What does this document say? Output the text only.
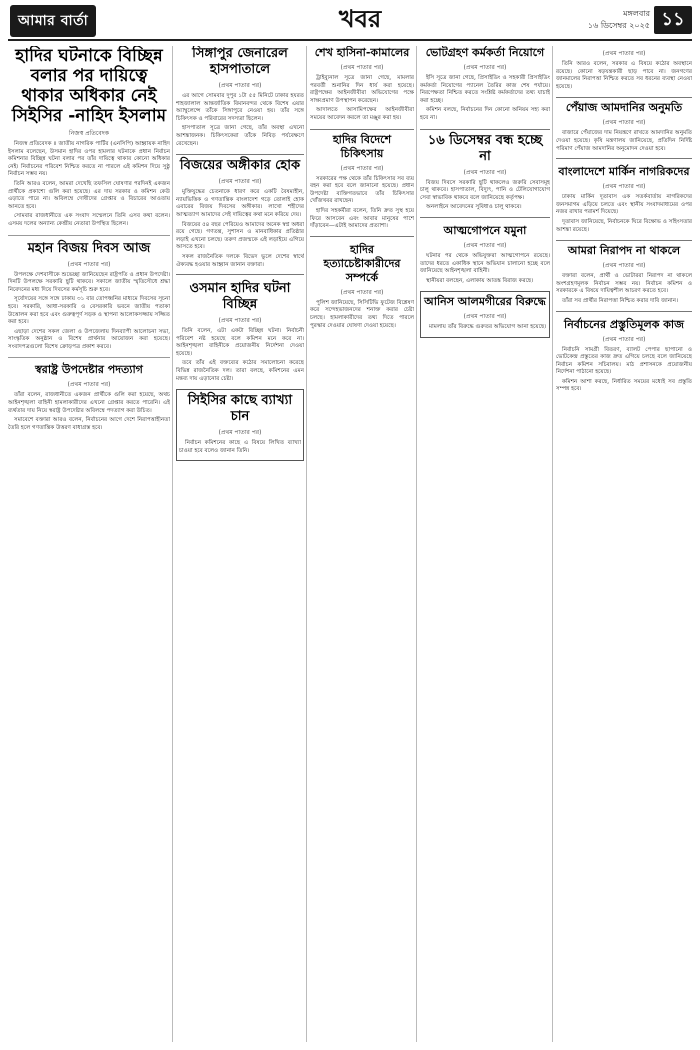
আমার বার্তা	খবর	মঙ্গলবার
১৬ ডিসেম্বর ২০২৫ ১১
হাদির ঘটনাকে বিচ্ছিন্ন বলার পর দায়িত্বে থাকার অধিকার নেই সিইসির -নাহিদ ইসলাম
নিজস্ব প্রতিবেদক

নিজস্ব প্রতিবেদক ॥ জাতীয় নাগরিক পার্টির (এনসিপি) আহ্বায়ক নাহিদ ইসলাম বলেছেন, উসমান হাদির ওপর হামলার ঘটনাকে প্রধান নির্বাচন কমিশনার বিচ্ছিন্ন ঘটনা বলার পর তাঁর দায়িত্বে থাকার কোনো অধিকার নেই। নির্বাচনের পরিবেশ নিশ্চিত করতে না পারলে এই কমিশন দিয়ে সুষ্ঠু নির্বাচন সম্ভব নয়।

তিনি আরও বলেন, আমরা দেখেছি তফসিল ঘোষণার পরদিনই একজন প্রার্থীকে প্রকাশ্যে গুলি করা হয়েছে। এর দায় সরকার ও কমিশন কেউ এড়াতে পারে না। অবিলম্বে দোষীদের গ্রেপ্তার ও বিচারের আওতায় আনতে হবে।

সোমবার রাজধানীতে এক সংবাদ সম্মেলনে তিনি এসব কথা বলেন। এসময় দলের অন্যান্য কেন্দ্রীয় নেতারা উপস্থিত ছিলেন।

মহান বিজয় দিবস আজ
(প্রথম পাতার পর)

উপলক্ষে দেশবাসীকে শুভেচ্ছা জানিয়েছেন রাষ্ট্রপতি ও প্রধান উপদেষ্টা। দিনটি উপলক্ষে সরকারি ছুটি থাকবে। সকালে জাতীয় স্মৃতিসৌধে শ্রদ্ধা নিবেদনের মধ্য দিয়ে দিবসের কর্মসূচি শুরু হবে।

সূর্যোদয়ের সঙ্গে সঙ্গে ঢাকায় ৩১ বার তোপধ্বনির মাধ্যমে দিবসের সূচনা হবে। সরকারি, আধা-সরকারি ও বেসরকারি ভবনে জাতীয় পতাকা উত্তোলন করা হবে এবং গুরুত্বপূর্ণ সড়ক ও স্থাপনা আলোকসজ্জায় সজ্জিত করা হবে।

এছাড়া দেশের সকল জেলা ও উপজেলায় দিনব্যাপী আলোচনা সভা, সাংস্কৃতিক অনুষ্ঠান ও বিশেষ প্রার্থনার আয়োজন করা হয়েছে। সংবাদপত্রগুলো বিশেষ ক্রোড়পত্র প্রকাশ করবে।

স্বরাষ্ট্র উপদেষ্টার পদত্যাগ
(প্রথম পাতার পর)

তাঁরা বলেন, রাজধানীতে একজন প্রার্থীকে গুলি করা হয়েছে, অথচ আইনশৃঙ্খলা বাহিনী হামলাকারীদের এখনো গ্রেপ্তার করতে পারেনি। এই ব্যর্থতার দায় নিয়ে স্বরাষ্ট্র উপদেষ্টার অবিলম্বে পদত্যাগ করা উচিত।

সমাবেশে বক্তারা আরও বলেন, নির্বাচনের আগে দেশে নিরাপত্তাহীনতা তৈরি হলে গণতান্ত্রিক উত্তরণ বাধাগ্রস্ত হবে।

সিঙ্গাপুর জেনারেল হাসপাতালে
(প্রথম পাতার পর)

এর আগে সোমবার দুপুর ১টা ৫৫ মিনিটে ঢাকার হযরত শাহজালাল আন্তর্জাতিক বিমানবন্দর থেকে বিশেষ এয়ার অ্যাম্বুলেন্সে তাঁকে সিঙ্গাপুরে নেওয়া হয়। তাঁর সঙ্গে চিকিৎসক ও পরিবারের সদস্যরা ছিলেন।

হাসপাতাল সূত্রে জানা গেছে, তাঁর অবস্থা এখনো আশঙ্কাজনক। চিকিৎসকেরা তাঁকে নিবিড় পর্যবেক্ষণে রেখেছেন।

বিজয়ের অঙ্গীকার হোক
(প্রথম পাতার পর)

মুক্তিযুদ্ধের চেতনাকে ধারণ করে একটি বৈষম্যহীন, ন্যায়ভিত্তিক ও গণতান্ত্রিক বাংলাদেশ গড়ে তোলাই হোক এবারের বিজয় দিবসের অঙ্গীকার। লাখো শহীদের আত্মত্যাগ আমাদের সেই দায়িত্বের কথা মনে করিয়ে দেয়।

বিজয়ের ৫৪ বছর পেরিয়েও আমাদের অনেক স্বপ্ন অধরা রয়ে গেছে। গণতন্ত্র, সুশাসন ও মানবাধিকার প্রতিষ্ঠার লড়াই এখনো চলছে। তরুণ প্রজন্মকে এই লড়াইয়ে এগিয়ে আসতে হবে।

সকল রাজনৈতিক দলকে বিভেদ ভুলে দেশের স্বার্থে ঐক্যবদ্ধ হওয়ার আহ্বান জানান বক্তারা।

ওসমান হাদির ঘটনা বিচ্ছিন্ন
(প্রথম পাতার পর)

তিনি বলেন, এটা একটা বিচ্ছিন্ন ঘটনা। নির্বাচনী পরিবেশ নষ্ট হয়েছে বলে কমিশন মনে করে না। আইনশৃঙ্খলা বাহিনীকে প্রয়োজনীয় নির্দেশনা দেওয়া হয়েছে।

তবে তাঁর এই বক্তব্যের কঠোর সমালোচনা করেছে বিভিন্ন রাজনৈতিক দল। তারা বলছে, কমিশনের এমন মন্তব্য দায় এড়ানোর চেষ্টা।

সিইসির কাছে ব্যাখ্যা চান
(প্রথম পাতার পর)

নির্বাচন কমিশনের কাছে এ বিষয়ে লিখিত ব্যাখ্যা চাওয়া হবে বলেও জানান তিনি।

শেখ হাসিনা-কামালের
(প্রথম পাতার পর)

ট্রাইব্যুনাল সূত্রে জানা গেছে, মামলার পরবর্তী শুনানির দিন ধার্য করা হয়েছে। রাষ্ট্রপক্ষের আইনজীবীরা অভিযোগের পক্ষে সাক্ষ্যপ্রমাণ উপস্থাপন করেছেন।

আদালতে আসামিপক্ষের আইনজীবীরা সময়ের আবেদন করলে তা মঞ্জুর করা হয়।

হাদির বিদেশে চিকিৎসায়
(প্রথম পাতার পর)

সরকারের পক্ষ থেকে তাঁর চিকিৎসার সব ব্যয় বহন করা হবে বলে জানানো হয়েছে। প্রধান উপদেষ্টা ব্যক্তিগতভাবে তাঁর চিকিৎসার খোঁজখবর রাখছেন।

হাদির সহকর্মীরা বলেন, তিনি দ্রুত সুস্থ হয়ে ফিরে আসবেন এবং আবার মানুষের পাশে দাঁড়াবেন—এটাই আমাদের প্রত্যাশা।

হাদির হত্যাচেষ্টাকারীদের সম্পর্কে
(প্রথম পাতার পর)

পুলিশ জানিয়েছে, সিসিটিভি ফুটেজ বিশ্লেষণ করে সন্দেহভাজনদের শনাক্ত করার চেষ্টা চলছে। হামলাকারীদের তথ্য দিতে পারলে পুরস্কার দেওয়ার ঘোষণা দেওয়া হয়েছে।

ভোটগ্রহণ কর্মকর্তা নিয়োগে
(প্রথম পাতার পর)

ইসি সূত্রে জানা গেছে, প্রিসাইডিং ও সহকারী প্রিসাইডিং কর্মকর্তা নিয়োগের প্যানেল তৈরির কাজ শেষ পর্যায়ে। নিরপেক্ষতা নিশ্চিত করতে সংশ্লিষ্ট কর্মকর্তাদের তথ্য যাচাই করা হচ্ছে।

কমিশন বলছে, নির্বাচনের দিন কোনো অনিয়ম সহ্য করা হবে না।

১৬ ডিসেম্বর বন্ধ হচ্ছে না
(প্রথম পাতার পর)

বিজয় দিবসে সরকারি ছুটি থাকলেও জরুরি সেবাসমূহ চালু থাকবে। হাসপাতাল, বিদ্যুৎ, পানি ও টেলিযোগাযোগ সেবা স্বাভাবিক থাকবে বলে জানিয়েছে কর্তৃপক্ষ।

অনলাইনে আবেদনের সুবিধাও চালু থাকবে।

আত্মগোপনে যমুনা
(প্রথম পাতার পর)

ঘটনার পর থেকে অভিযুক্তরা আত্মগোপনে রয়েছে। তাদের ধরতে একাধিক স্থানে অভিযান চালানো হচ্ছে বলে জানিয়েছে আইনশৃঙ্খলা বাহিনী।

স্থানীয়রা বলছেন, এলাকায় আতঙ্ক বিরাজ করছে।

আনিস আলমগীরের বিরুদ্ধে
(প্রথম পাতার পর)

মামলায় তাঁর বিরুদ্ধে গুরুতর অভিযোগ আনা হয়েছে।

(প্রথম পাতার পর)

তিনি আরও বলেন, সরকার এ বিষয়ে কঠোর অবস্থানে রয়েছে। কোনো ষড়যন্ত্রকারী ছাড় পাবে না। জনগণের জানমালের নিরাপত্তা নিশ্চিত করতে সব ধরনের ব্যবস্থা নেওয়া হয়েছে।

পেঁয়াজ আমদানির অনুমতি
(প্রথম পাতার পর)

বাজারে পেঁয়াজের দাম নিয়ন্ত্রণে রাখতে আমদানির অনুমতি দেওয়া হয়েছে। কৃষি মন্ত্রণালয় জানিয়েছে, প্রতিদিন নির্দিষ্ট পরিমাণ পেঁয়াজ আমদানির অনুমোদন দেওয়া হবে।

বাংলাদেশে মার্কিন নাগরিকদের
(প্রথম পাতার পর)

ঢাকায় মার্কিন দূতাবাস এক সতর্কবার্তায় নাগরিকদের জনসমাগম এড়িয়ে চলতে এবং স্থানীয় সংবাদমাধ্যমের ওপর নজর রাখার পরামর্শ দিয়েছে।

দূতাবাস জানিয়েছে, নির্বাচনকে ঘিরে বিক্ষোভ ও সহিংসতার আশঙ্কা রয়েছে।

আমরা নিরাপদ না থাকলে
(প্রথম পাতার পর)

বক্তারা বলেন, প্রার্থী ও ভোটাররা নিরাপদ না থাকলে অংশগ্রহণমূলক নির্বাচন সম্ভব নয়। নির্বাচন কমিশন ও সরকারকে এ বিষয়ে দায়িত্বশীল আচরণ করতে হবে।

তাঁরা সব প্রার্থীর নিরাপত্তা নিশ্চিত করার দাবি জানান।

নির্বাচনের প্রস্তুতিমূলক কাজ
(প্রথম পাতার পর)

নির্বাচনি সামগ্রী বিতরণ, ব্যালট পেপার ছাপানো ও ভোটকেন্দ্র প্রস্তুতের কাজ দ্রুত এগিয়ে চলছে বলে জানিয়েছে নির্বাচন কমিশন সচিবালয়। মাঠ প্রশাসনকে প্রয়োজনীয় নির্দেশনা পাঠানো হয়েছে।

কমিশন আশা করছে, নির্ধারিত সময়ের মধ্যেই সব প্রস্তুতি সম্পন্ন হবে।
